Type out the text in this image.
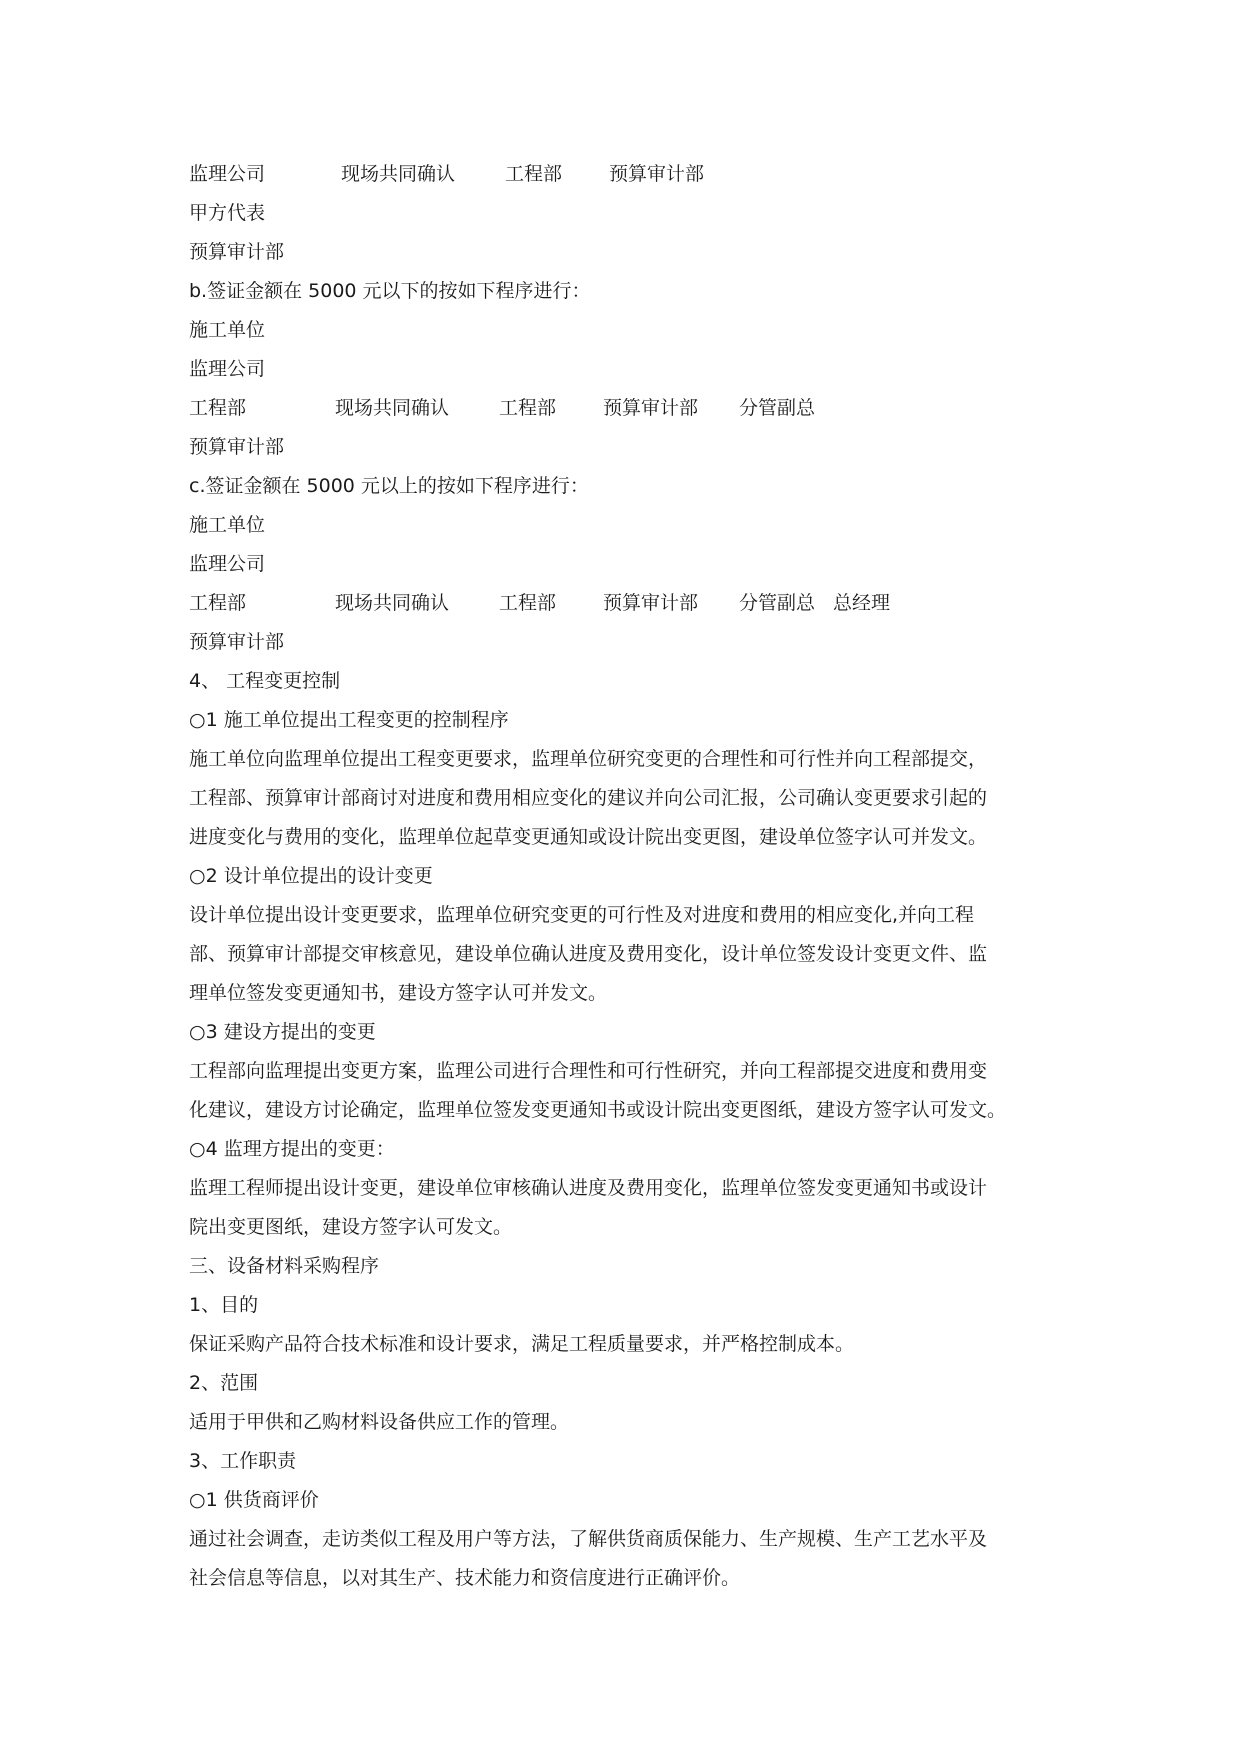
监理公司	现场共同确认	工程部	预算审计部
甲方代表
预算审计部
b.签证金额在 5000 元以下的按如下程序进行：
施工单位
监理公司
工程部	现场共同确认	工程部	预算审计部	分管副总
预算审计部
c.签证金额在 5000 元以上的按如下程序进行：
施工单位
监理公司
工程部	现场共同确认	工程部	预算审计部	分管副总 总经理
预算审计部
4、 工程变更控制
○1 施工单位提出工程变更的控制程序
施工单位向监理单位提出工程变更要求，监理单位研究变更的合理性和可行性并向工程部提交，
工程部、预算审计部商讨对进度和费用相应变化的建议并向公司汇报，公司确认变更要求引起的
进度变化与费用的变化，监理单位起草变更通知或设计院出变更图，建设单位签字认可并发文。
○2 设计单位提出的设计变更
设计单位提出设计变更要求，监理单位研究变更的可行性及对进度和费用的相应变化,并向工程
部、预算审计部提交审核意见，建设单位确认进度及费用变化，设计单位签发设计变更文件、监
理单位签发变更通知书，建设方签字认可并发文。
○3 建设方提出的变更
工程部向监理提出变更方案，监理公司进行合理性和可行性研究，并向工程部提交进度和费用变
化建议，建设方讨论确定，监理单位签发变更通知书或设计院出变更图纸，建设方签字认可发文。
○4 监理方提出的变更：
监理工程师提出设计变更，建设单位审核确认进度及费用变化，监理单位签发变更通知书或设计
院出变更图纸，建设方签字认可发文。
三、设备材料采购程序
1、目的
保证采购产品符合技术标准和设计要求，满足工程质量要求，并严格控制成本。
2、范围
适用于甲供和乙购材料设备供应工作的管理。
3、工作职责
○1 供货商评价
通过社会调查，走访类似工程及用户等方法，了解供货商质保能力、生产规模、生产工艺水平及
社会信息等信息，以对其生产、技术能力和资信度进行正确评价。
